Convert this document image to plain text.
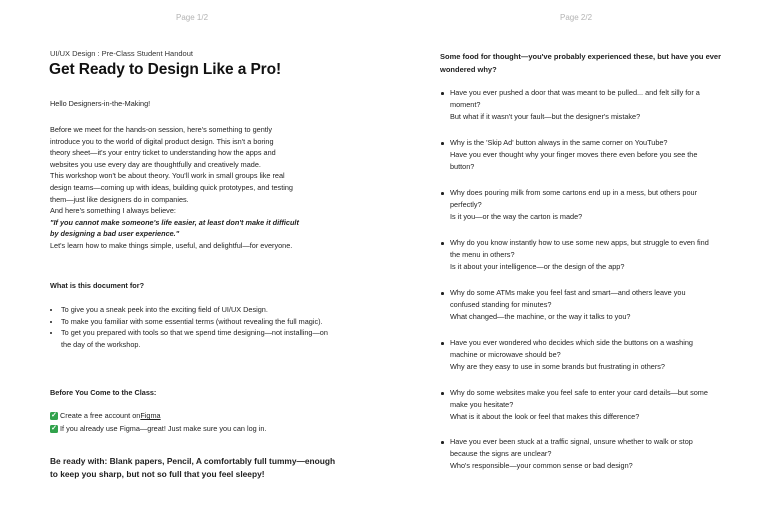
Page 1/2
UI/UX Design : Pre-Class Student Handout
Get Ready to Design Like a Pro!
Hello Designers-in-the-Making!

Before we meet for the hands-on session, here's something to gently

introduce you to the world of digital product design. This isn't a boring

theory sheet—it's your entry ticket to understanding how the apps and

websites you use every day are thoughtfully and creatively made.

This workshop won't be about theory. You'll work in small groups like real

design teams—coming up with ideas, building quick prototypes, and testing

them—just like designers do in companies.

And here's something I always believe:

"If you cannot make someone's life easier, at least don't make it difficult

by designing a bad user experience."

Let's learn how to make things simple, useful, and delightful—for everyone.

What is this document for?
• To give you a sneak peek into the exciting field of UI/UX Design.
• To make you familiar with some essential terms (without revealing the full magic).
• To get you prepared with tools so that we spend time designing—not installing—on the day of the workshop.
Before You Come to the Class:
✓ Create a free account on Figma
✓ If you already use Figma—great! Just make sure you can log in.
Be ready with: Blank papers, Pencil, A comfortably full tummy—enough to keep you sharp, but not so full that you feel sleepy!
Page 2/2
Some food for thought—you've probably experienced these, but have you ever wondered why?
Have you ever pushed a door that was meant to be pulled... and felt silly for a moment?
But what if it wasn't your fault—but the designer's mistake?
Why is the 'Skip Ad' button always in the same corner on YouTube?
Have you ever thought why your finger moves there even before you see the button?
Why does pouring milk from some cartons end up in a mess, but others pour perfectly?
Is it you—or the way the carton is made?
Why do you know instantly how to use some new apps, but struggle to even find the menu in others?
Is it about your intelligence—or the design of the app?
Why do some ATMs make you feel fast and smart—and others leave you confused standing for minutes?
What changed—the machine, or the way it talks to you?
Have you ever wondered who decides which side the buttons on a washing machine or microwave should be?
Why are they easy to use in some brands but frustrating in others?
Why do some websites make you feel safe to enter your card details—but some make you hesitate?
What is it about the look or feel that makes this difference?
Have you ever been stuck at a traffic signal, unsure whether to walk or stop because the signs are unclear?
Who's responsible—your common sense or bad design?
